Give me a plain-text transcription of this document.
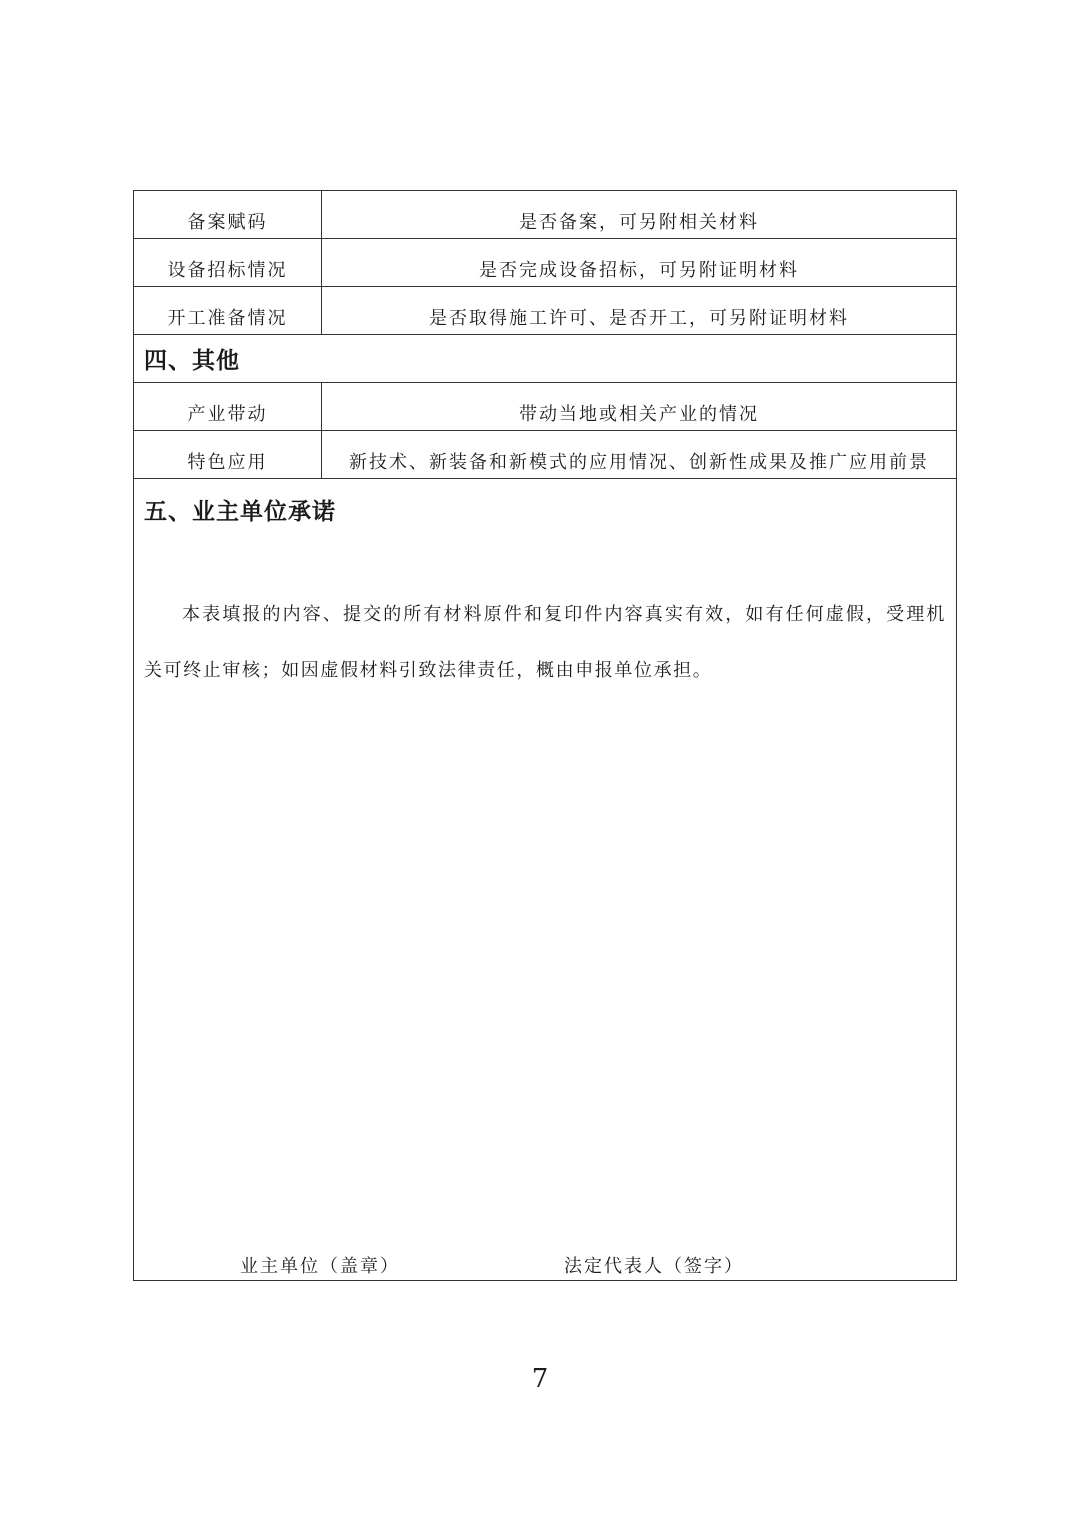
备案赋码	是否备案，可另附相关材料
设备招标情况	是否完成设备招标，可另附证明材料
开工准备情况	是否取得施工许可、是否开工，可另附证明材料
四、其他
产业带动	带动当地或相关产业的情况
特色应用	新技术、新装备和新模式的应用情况、创新性成果及推广应用前景
五、业主单位承诺
本表填报的内容、提交的所有材料原件和复印件内容真实有效，如有任何虚假，受理机关可终止审核；如因虚假材料引致法律责任，概由申报单位承担。
业主单位（盖章）	法定代表人（签字）
7
